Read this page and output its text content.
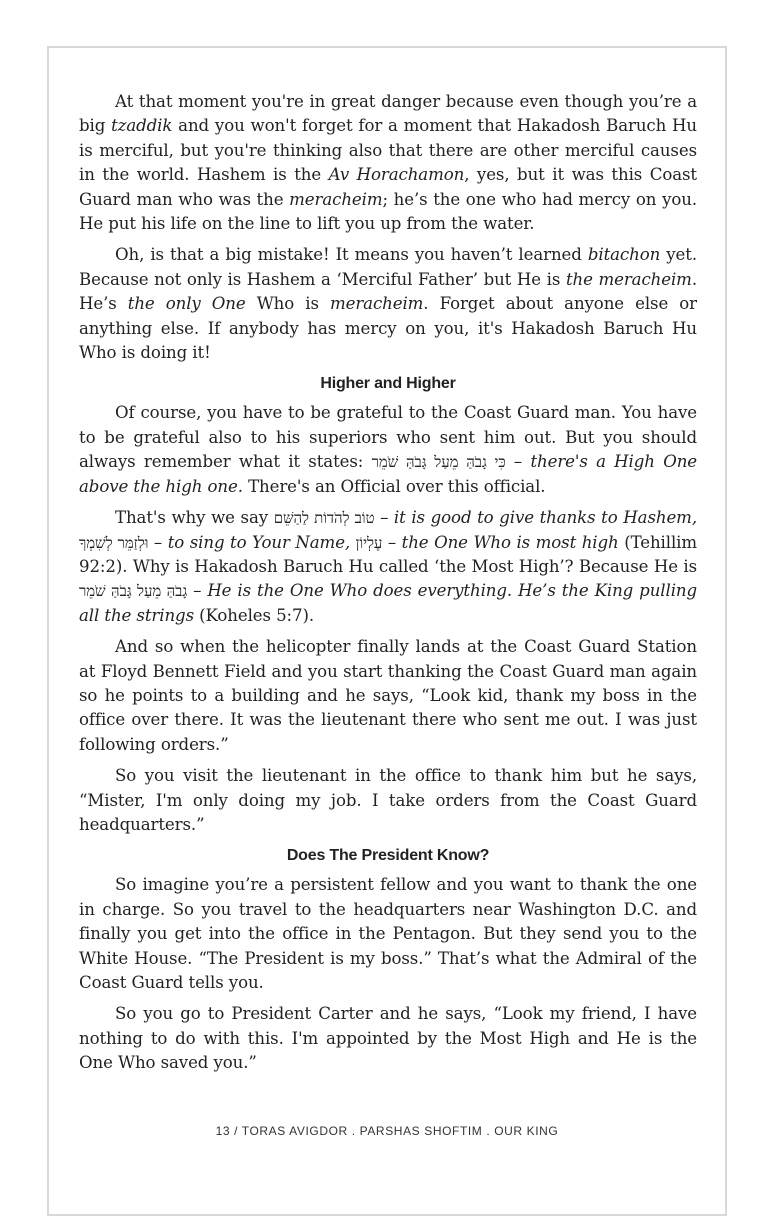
At that moment you're in great danger because even though you’re a big tzaddik and you won't forget for a moment that Hakadosh Baruch Hu is merciful, but you're thinking also that there are other merciful causes in the world. Hashem is the Av Horachamon, yes, but it was this Coast Guard man who was the meracheim; he’s the one who had mercy on you. He put his life on the line to lift you up from the water.

Oh, is that a big mistake! It means you haven’t learned bitachon yet. Because not only is Hashem a ‘Merciful Father’ but He is the meracheim. He’s the only One Who is meracheim. Forget about anyone else or anything else. If anybody has mercy on you, it's Hakadosh Baruch Hu Who is doing it!

Higher and Higher

Of course, you have to be grateful to the Coast Guard man. You have to be grateful also to his superiors who sent him out. But you should always remember what it states: כִּי גָבֹהַּ מֵעַל גָּבֹהַּ שֹׁמֵר – there's a High One above the high one. There's an Official over this official.

That's why we say טוֹב לְהֹדוֹת לַהַשֵּׁם – it is good to give thanks to Hashem, וּלְזַמֵּר לְשִׁמְךָ – to sing to Your Name, עֶלְיוֹן – the One Who is most high (Tehillim 92:2). Why is Hakadosh Baruch Hu called ‘the Most High’? Because He is גָבֹהַּ מֵעַל גָּבֹהַּ שֹׁמֵר – He is the One Who does everything. He’s the King pulling all the strings (Koheles 5:7).

And so when the helicopter finally lands at the Coast Guard Station at Floyd Bennett Field and you start thanking the Coast Guard man again so he points to a building and he says, “Look kid, thank my boss in the office over there. It was the lieutenant there who sent me out. I was just following orders.”

So you visit the lieutenant in the office to thank him but he says, “Mister, I'm only doing my job. I take orders from the Coast Guard headquarters.”

Does The President Know?

So imagine you’re a persistent fellow and you want to thank the one in charge. So you travel to the headquarters near Washington D.C. and finally you get into the office in the Pentagon. But they send you to the White House. “The President is my boss.” That’s what the Admiral of the Coast Guard tells you.

So you go to President Carter and he says, “Look my friend, I have nothing to do with this. I'm appointed by the Most High and He is the One Who saved you.”

13 / TORAS AVIGDOR . PARSHAS SHOFTIM . OUR KING
